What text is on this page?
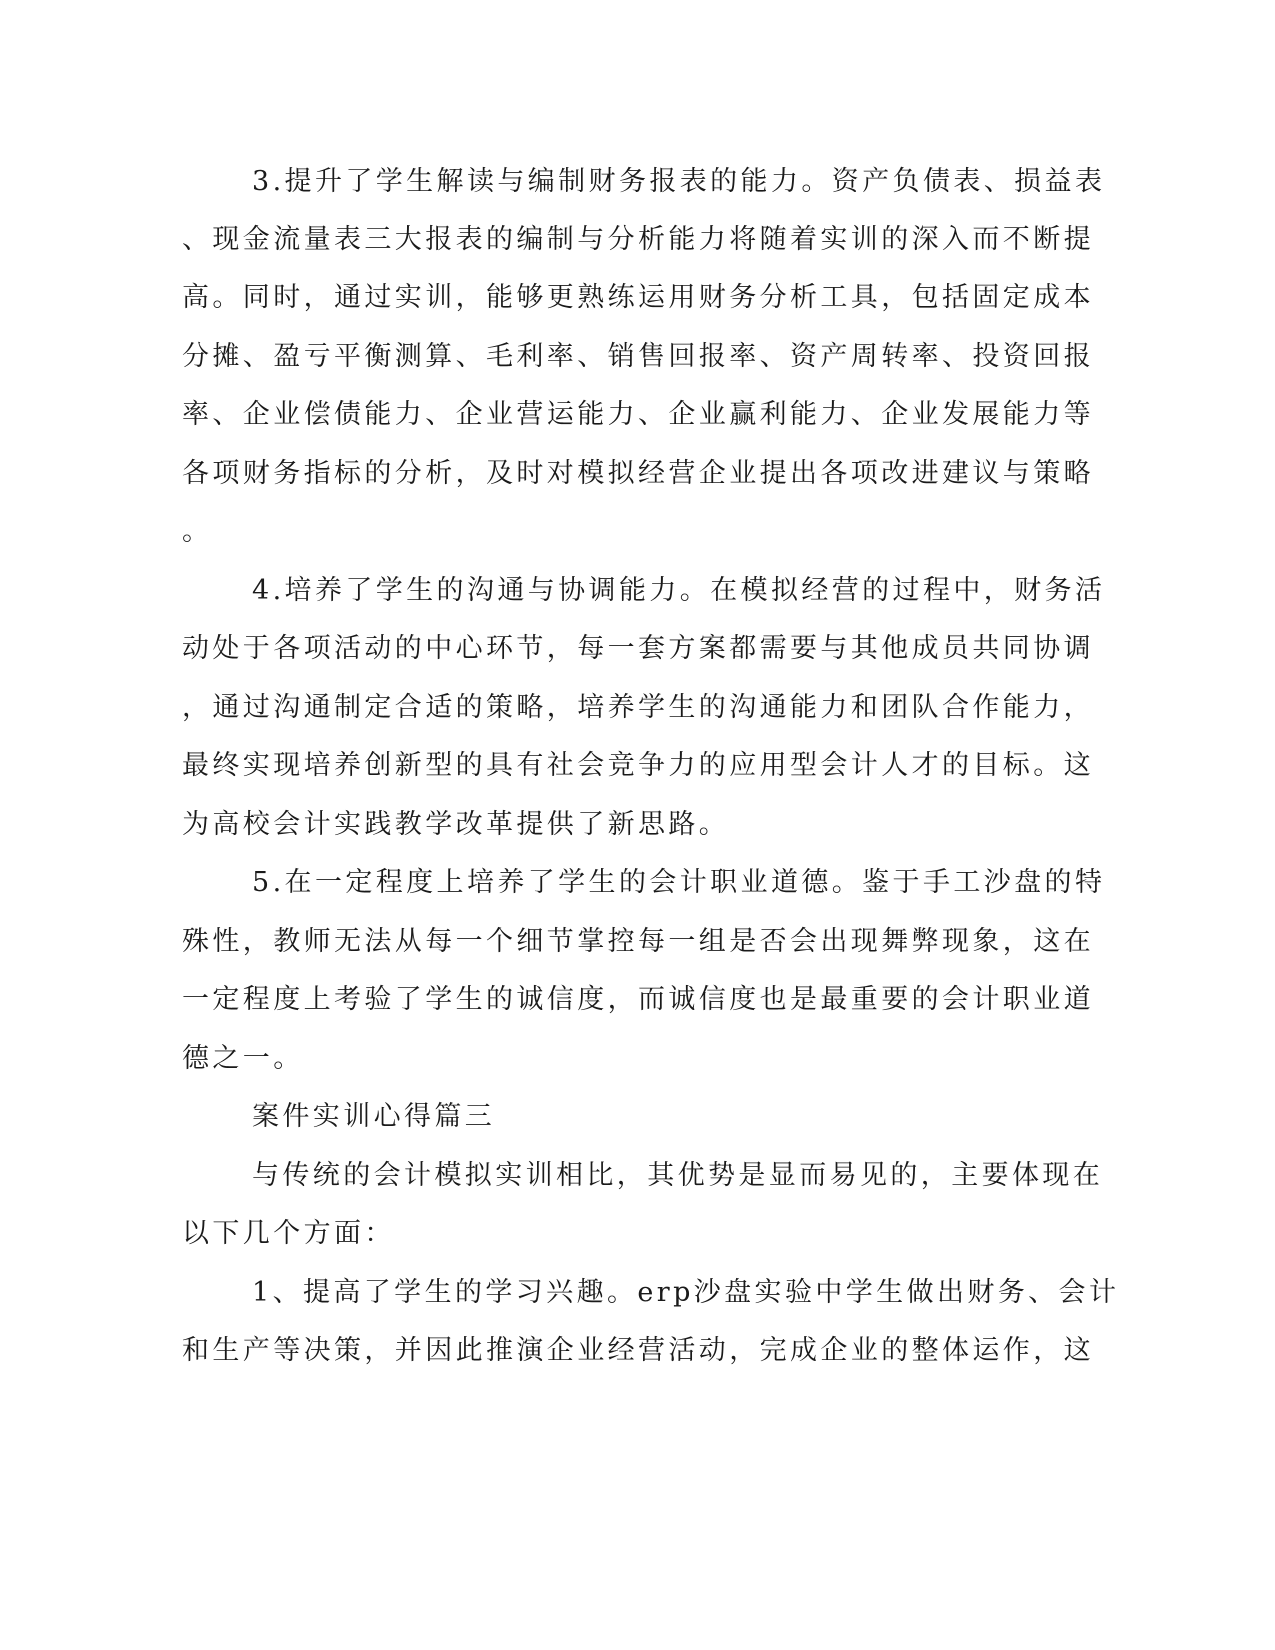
3.提升了学生解读与编制财务报表的能力。资产负债表、损益表
、现金流量表三大报表的编制与分析能力将随着实训的深入而不断提
高。同时，通过实训，能够更熟练运用财务分析工具，包括固定成本
分摊、盈亏平衡测算、毛利率、销售回报率、资产周转率、投资回报
率、企业偿债能力、企业营运能力、企业赢利能力、企业发展能力等
各项财务指标的分析，及时对模拟经营企业提出各项改进建议与策略
。
4.培养了学生的沟通与协调能力。在模拟经营的过程中，财务活
动处于各项活动的中心环节，每一套方案都需要与其他成员共同协调
，通过沟通制定合适的策略，培养学生的沟通能力和团队合作能力，
最终实现培养创新型的具有社会竞争力的应用型会计人才的目标。这
为高校会计实践教学改革提供了新思路。
5.在一定程度上培养了学生的会计职业道德。鉴于手工沙盘的特
殊性，教师无法从每一个细节掌控每一组是否会出现舞弊现象，这在
一定程度上考验了学生的诚信度，而诚信度也是最重要的会计职业道
德之一。
案件实训心得篇三
与传统的会计模拟实训相比，其优势是显而易见的，主要体现在
以下几个方面：
1、提高了学生的学习兴趣。erp沙盘实验中学生做出财务、会计
和生产等决策，并因此推演企业经营活动，完成企业的整体运作，这
